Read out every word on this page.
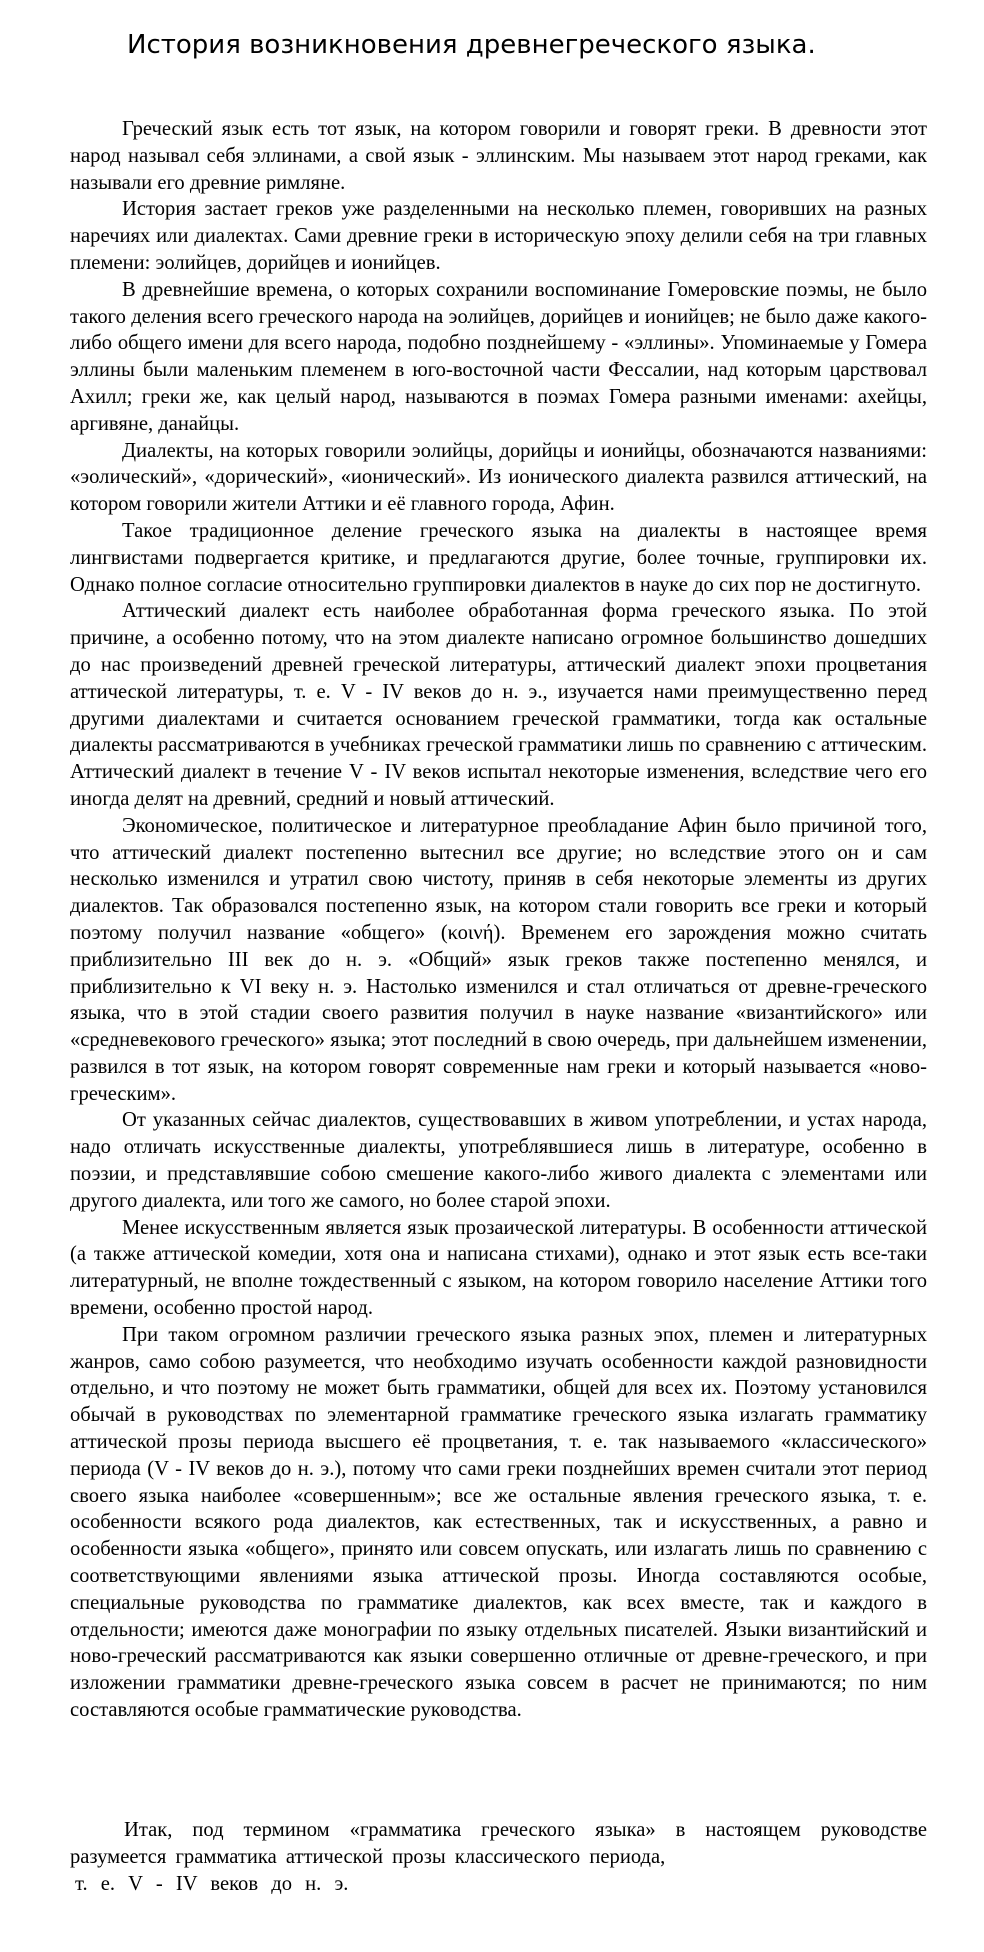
История возникновения древнегреческого языка.

Греческий язык есть тот язык, на котором говорили и говорят греки. В древности этот народ называл себя эллинами, а свой язык - эллинским. Мы называем этот народ греками, как называли его древние римляне.

История застает греков уже разделенными на несколько племен, говоривших на разных наречиях или диалектах. Сами древние греки в историческую эпоху делили себя на три главных племени: эолийцев, дорийцев и ионийцев.

В древнейшие времена, о которых сохранили воспоминание Гомеровские поэмы, не было такого деления всего греческого народа на эолийцев, дорийцев и ионийцев; не было даже какого-либо общего имени для всего народа, подобно позднейшему - «эллины». Упоминаемые у Гомера эллины были маленьким племенем в юго-восточной части Фессалии, над которым царствовал Ахилл; греки же, как целый народ, называются в поэмах Гомера разными именами: ахейцы, аргивяне, данайцы.

Диалекты, на которых говорили эолийцы, дорийцы и ионийцы, обозначаются названиями: «эолический», «дорический», «ионический». Из ионического диалекта развился аттический, на котором говорили жители Аттики и её главного города, Афин.

Такое традиционное деление греческого языка на диалекты в настоящее время лингвистами подвергается критике, и предлагаются другие, более точные, группировки их. Однако полное согласие относительно группировки диалектов в науке до сих пор не достигнуто.

Аттический диалект есть наиболее обработанная форма греческого языка. По этой причине, а особенно потому, что на этом диалекте написано огромное большинство дошедших до нас произведений древней греческой литературы, аттический диалект эпохи процветания аттической литературы, т. е. V - IV веков до н. э., изучается нами преимущественно перед другими диалектами и считается основанием греческой грамматики, тогда как остальные диалекты рассматриваются в учебниках греческой грамматики лишь по сравнению с аттическим. Аттический диалект в течение V - IV веков испытал некоторые изменения, вследствие чего его иногда делят на древний, средний и новый аттический.

Экономическое, политическое и литературное преобладание Афин было причиной того, что аттический диалект постепенно вытеснил все другие; но вследствие этого он и сам несколько изменился и утратил свою чистоту, приняв в себя некоторые элементы из других диалектов. Так образовался постепенно язык, на котором стали говорить все греки и который поэтому получил название «общего» (κοινή). Временем его зарождения можно считать приблизительно III век до н. э. «Общий» язык греков также постепенно менялся, и приблизительно к VI веку н. э. Настолько изменился и стал отличаться от древне-греческого языка, что в этой стадии своего развития получил в науке название «византийского» или «средневекового греческого» языка; этот последний в свою очередь, при дальнейшем изменении, развился в тот язык, на котором говорят современные нам греки и который называется «ново-греческим».

От указанных сейчас диалектов, существовавших в живом употреблении, и устах народа, надо отличать искусственные диалекты, употреблявшиеся лишь в литературе, особенно в поэзии, и представлявшие собою смешение какого-либо живого диалекта с элементами или другого диалекта, или того же самого, но более старой эпохи.

Менее искусственным является язык прозаической литературы. В особенности аттической (а также аттической комедии, хотя она и написана стихами), однако и этот язык есть все-таки литературный, не вполне тождественный с языком, на котором говорило население Аттики того времени, особенно простой народ.

При таком огромном различии греческого языка разных эпох, племен и литературных жанров, само собою разумеется, что необходимо изучать особенности каждой разновидности отдельно, и что поэтому не может быть грамматики, общей для всех их. Поэтому установился обычай в руководствах по элементарной грамматике греческого языка излагать грамматику аттической прозы периода высшего её процветания, т. е. так называемого «классического» периода (V - IV веков до н. э.), потому что сами греки позднейших времен считали этот период своего языка наиболее «совершенным»; все же остальные явления греческого языка, т. е. особенности всякого рода диалектов, как естественных, так и искусственных, а равно и особенности языка «общего», принято или совсем опускать, или излагать лишь по сравнению с соответствующими явлениями языка аттической прозы. Иногда составляются особые, специальные руководства по грамматике диалектов, как всех вместе, так и каждого в отдельности; имеются даже монографии по языку отдельных писателей. Языки византийский и ново-греческий рассматриваются как языки совершенно отличные от древне-греческого, и при изложении грамматики древне-греческого языка совсем в расчет не принимаются; по ним составляются особые грамматические руководства.

Итак, под термином «грамматика греческого языка» в настоящем руководстве разумеется грамматика аттической прозы классического периода,

т. е. V - IV веков до н. э.
